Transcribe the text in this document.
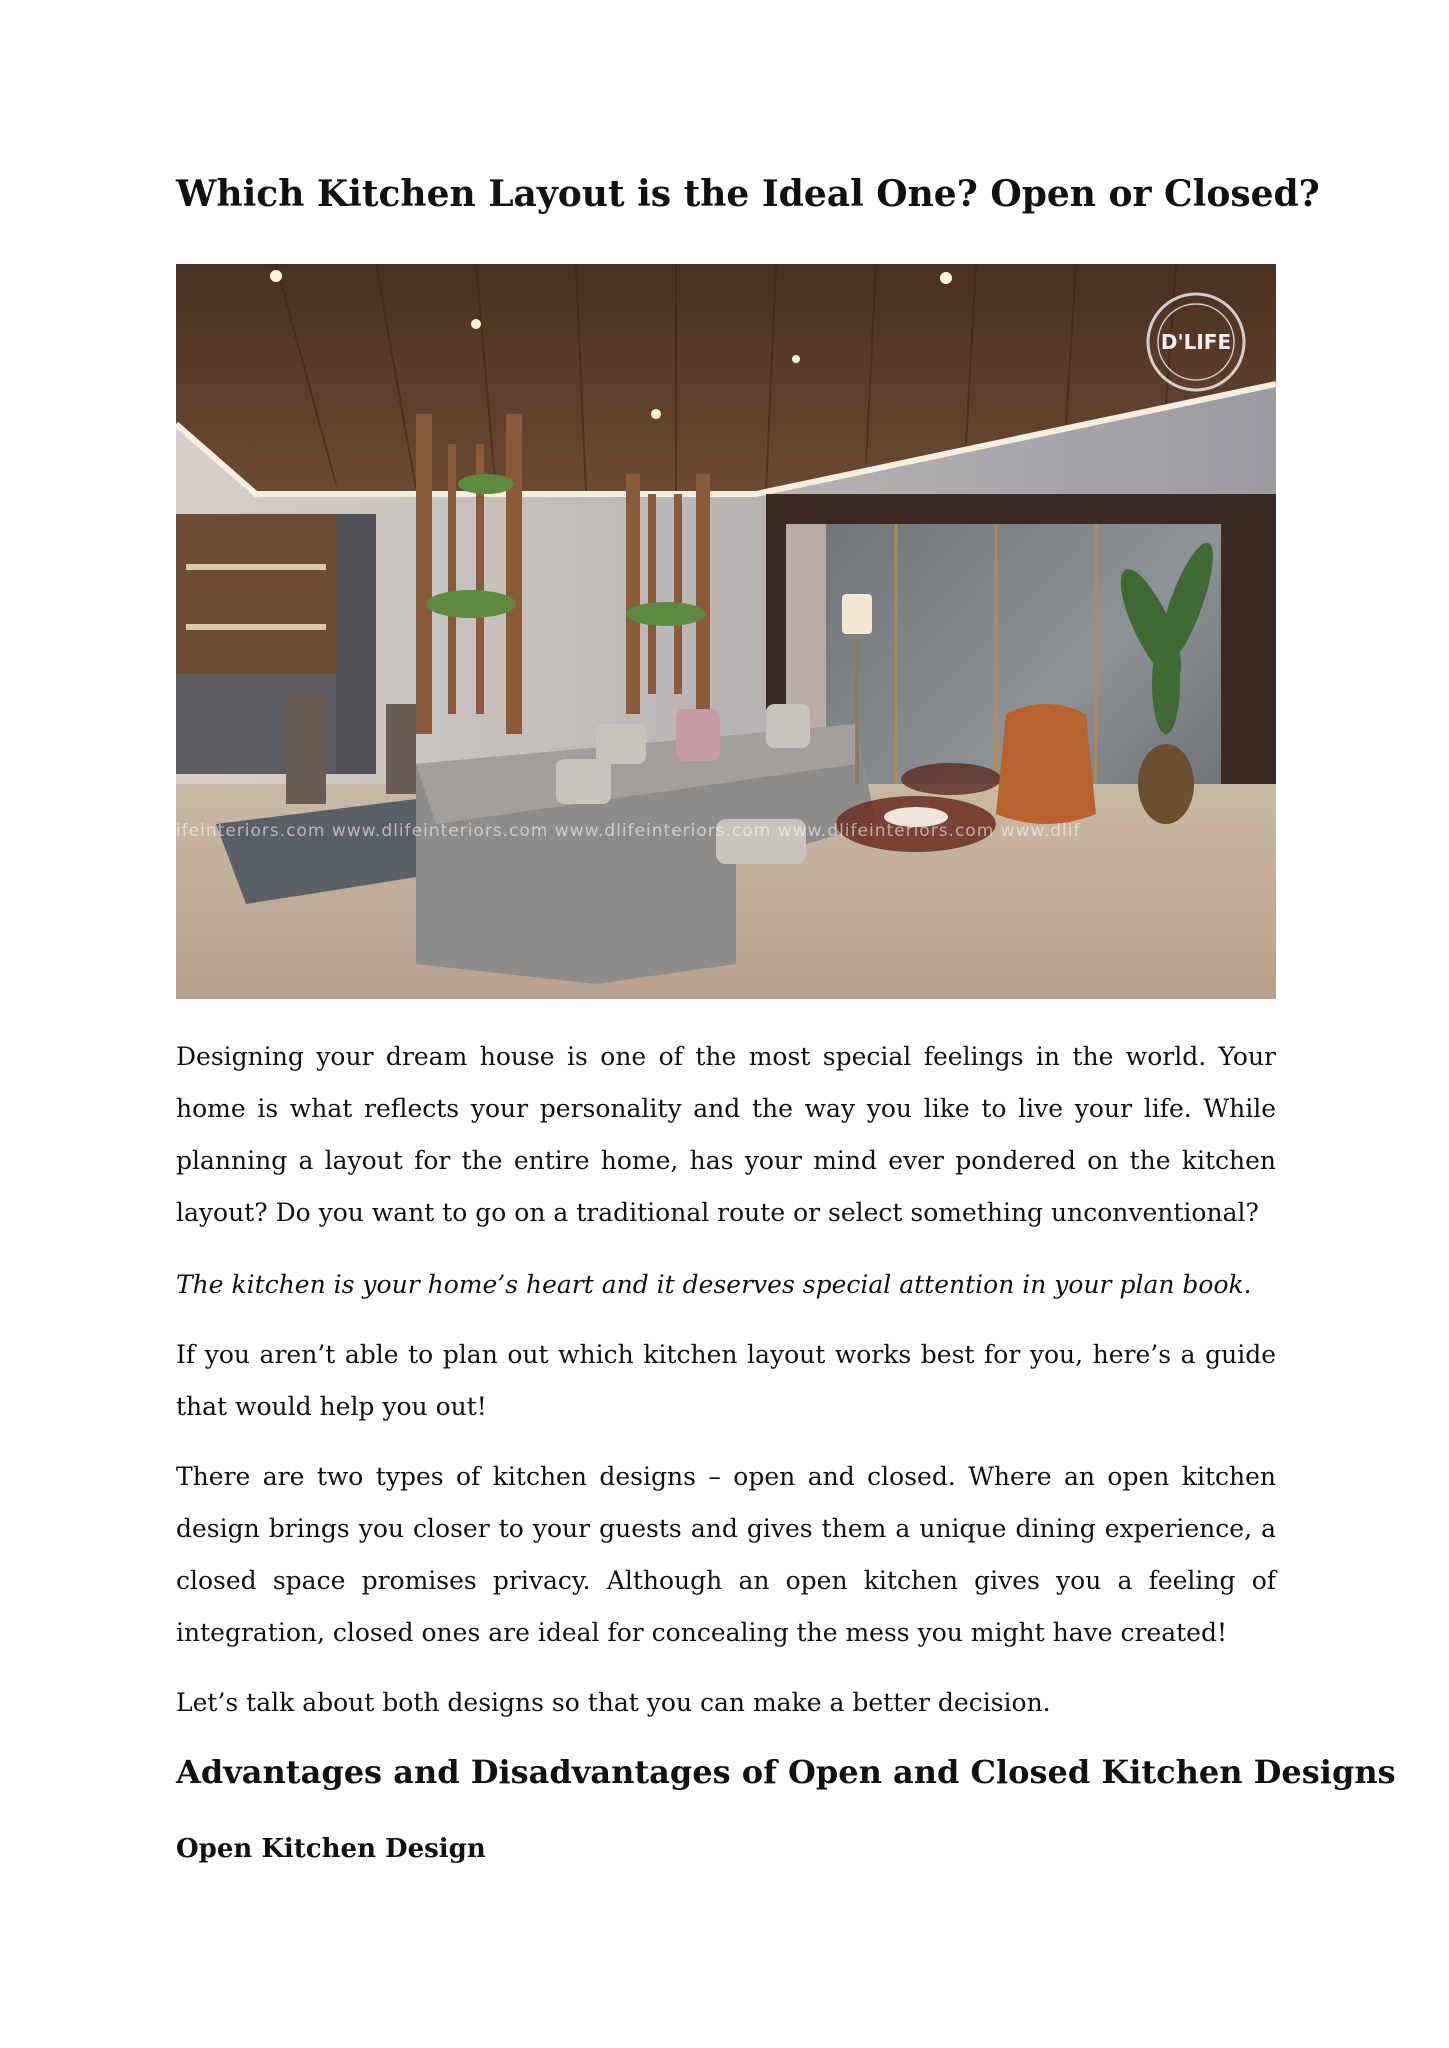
Which Kitchen Layout is the Ideal One? Open or Closed?
D'LIFE
ifeinteriors.com www.dlifeinteriors.com www.dlifeinteriors.com www.dlifeinteriors.com www.dlif

Designing your dream house is one of the most special feelings in the world. Your home is what reflects your personality and the way you like to live your life. While planning a layout for the entire home, has your mind ever pondered on the kitchen layout? Do you want to go on a traditional route or select something unconventional?

The kitchen is your home’s heart and it deserves special attention in your plan book.

If you aren’t able to plan out which kitchen layout works best for you, here’s a guide that would help you out!

There are two types of kitchen designs – open and closed. Where an open kitchen design brings you closer to your guests and gives them a unique dining experience, a closed space promises privacy. Although an open kitchen gives you a feeling of integration, closed ones are ideal for concealing the mess you might have created!

Let’s talk about both designs so that you can make a better decision.

Advantages and Disadvantages of Open and Closed Kitchen Designs
Open Kitchen Design
